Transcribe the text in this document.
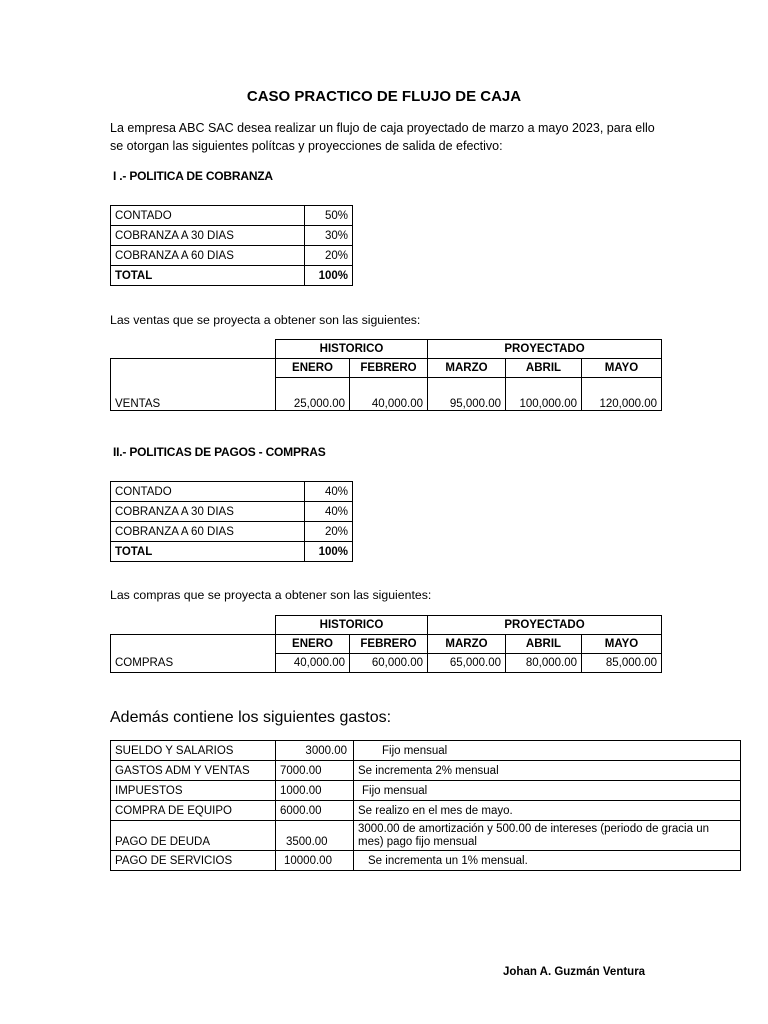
CASO PRACTICO DE FLUJO DE CAJA
La empresa ABC SAC desea realizar un flujo de caja proyectado de marzo a mayo 2023, para ello se otorgan las siguientes polítcas y proyecciones de salida de efectivo:
I .- POLITICA DE COBRANZA
CONTADO	50%
COBRANZA A 30 DIAS	30%
COBRANZA A 60 DIAS	20%
TOTAL	100%
Las ventas que se proyecta a obtener son las siguientes:
	HISTORICO		PROYECTADO		
	ENERO	FEBRERO	MARZO	ABRIL	MAYO
VENTAS	25,000.00	40,000.00	95,000.00	100,000.00	120,000.00
II.- POLITICAS DE PAGOS - COMPRAS
CONTADO	40%
COBRANZA A 30 DIAS	40%
COBRANZA A 60 DIAS	20%
TOTAL	100%
Las compras que se proyecta a obtener son las siguientes:
	HISTORICO		PROYECTADO		
	ENERO	FEBRERO	MARZO	ABRIL	MAYO
COMPRAS	40,000.00	60,000.00	65,000.00	80,000.00	85,000.00
Además contiene los siguientes gastos:
SUELDO Y SALARIOS	3000.00	Fijo mensual
GASTOS ADM Y VENTAS	7000.00	Se incrementa 2% mensual
IMPUESTOS	1000.00	Fijo mensual
COMPRA DE EQUIPO	6000.00	Se realizo en el mes de mayo.
PAGO DE DEUDA	3500.00	3000.00 de amortización y 500.00 de intereses (periodo de gracia un mes) pago fijo mensual
PAGO DE SERVICIOS	10000.00	Se incrementa un 1% mensual.
Johan A. Guzmán Ventura
